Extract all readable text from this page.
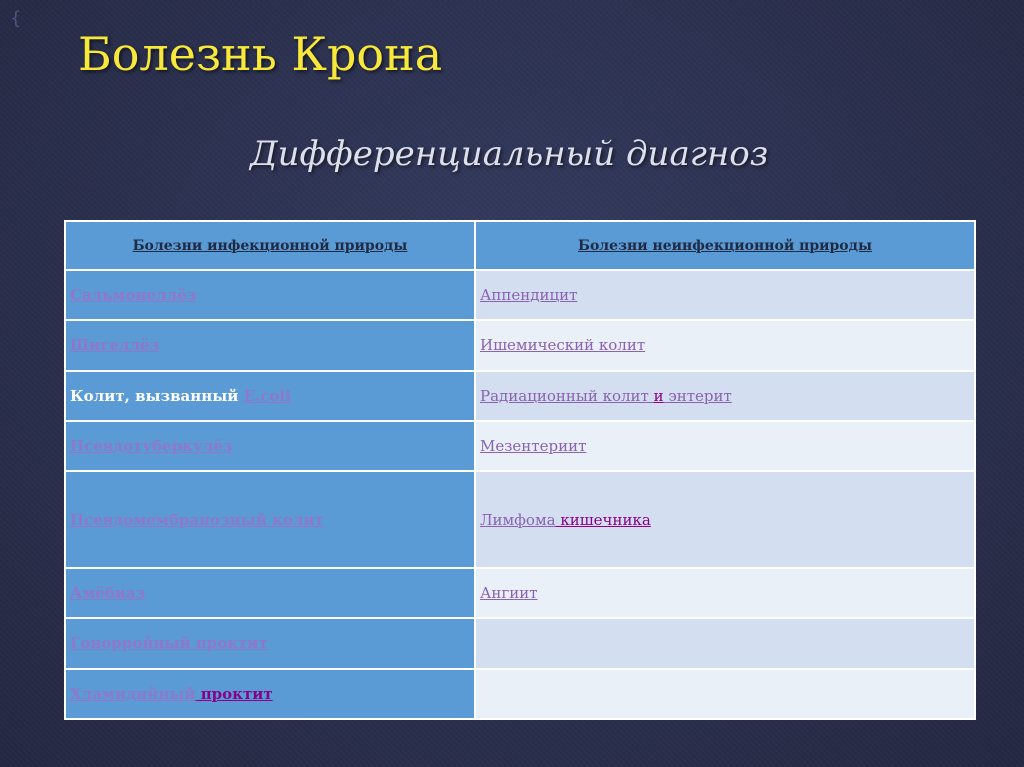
{
Болезнь Крона
Дифференциальный диагноз
Болезни инфекционной природы	Болезни неинфекционной природы
Сальмонеллёз	Аппендицит
Шигеллёз	Ишемический колит
Колит, вызванный E.coli	Радиационный колит и энтерит
Псевдотуберкулёз	Мезентериит
Псевдомембранозный колит	Лимфома кишечника
Амёбиаз	Ангиит
Гонорройный проктит	
Хламидийный проктит	
